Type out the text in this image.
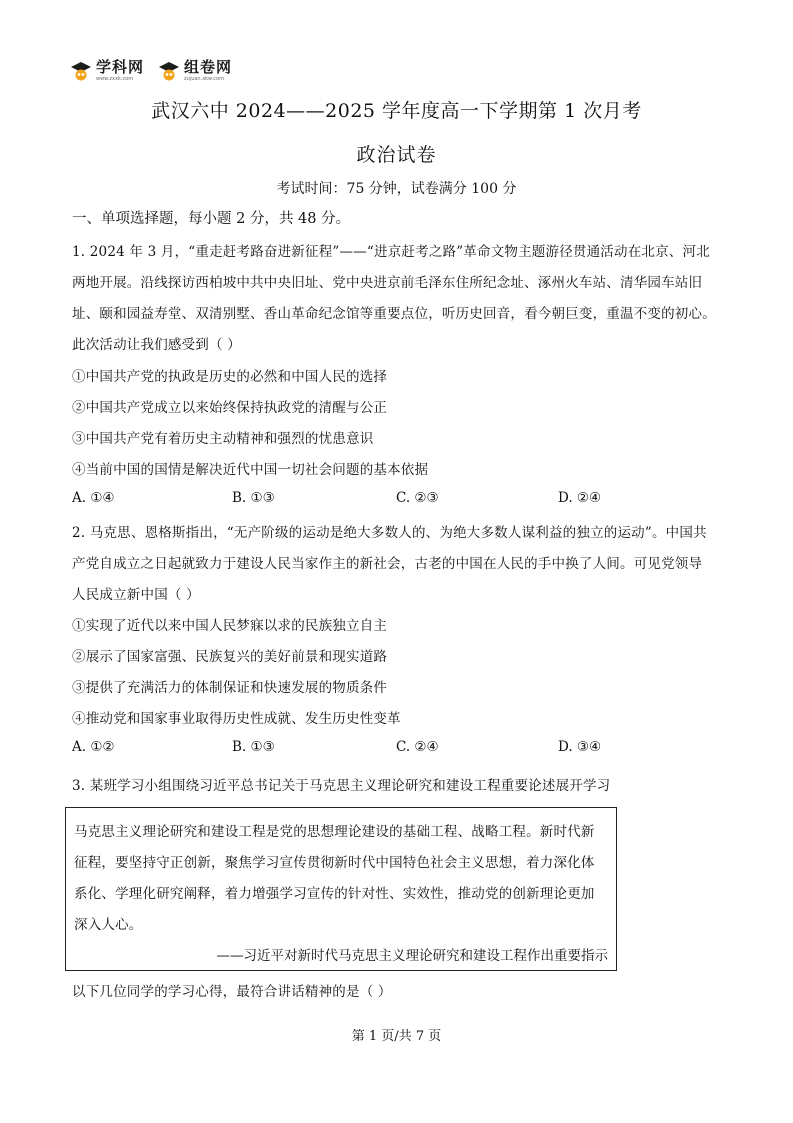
学科网
www.zxxk.com
组卷网
zujuan.xkw.com
武汉六中 2024——2025 学年度高一下学期第 1 次月考
政治试卷
考试时间：75 分钟，试卷满分 100 分
一、单项选择题，每小题 2 分，共 48 分。
1. 2024 年 3 月，“重走赶考路奋进新征程”——“进京赶考之路”革命文物主题游径贯通活动在北京、河北
两地开展。沿线探访西柏坡中共中央旧址、党中央进京前毛泽东住所纪念址、涿州火车站、清华园车站旧
址、颐和园益寿堂、双清别墅、香山革命纪念馆等重要点位，听历史回音，看今朝巨变，重温不变的初心。
此次活动让我们感受到（ ）
①中国共产党的执政是历史的必然和中国人民的选择
②中国共产党成立以来始终保持执政党的清醒与公正
③中国共产党有着历史主动精神和强烈的忧患意识
④当前中国的国情是解决近代中国一切社会问题的基本依据
A. ①④	B. ①③	C. ②③	D. ②④
2. 马克思、恩格斯指出，“无产阶级的运动是绝大多数人的、为绝大多数人谋利益的独立的运动”。中国共
产党自成立之日起就致力于建设人民当家作主的新社会，古老的中国在人民的手中换了人间。可见党领导
人民成立新中国（ ）
①实现了近代以来中国人民梦寐以求的民族独立自主
②展示了国家富强、民族复兴的美好前景和现实道路
③提供了充满活力的体制保证和快速发展的物质条件
④推动党和国家事业取得历史性成就、发生历史性变革
A. ①②	B. ①③	C. ②④	D. ③④
3. 某班学习小组围绕习近平总书记关于马克思主义理论研究和建设工程重要论述展开学习
马克思主义理论研究和建设工程是党的思想理论建设的基础工程、战略工程。新时代新
征程，要坚持守正创新，聚焦学习宣传贯彻新时代中国特色社会主义思想，着力深化体
系化、学理化研究阐释，着力增强学习宣传的针对性、实效性，推动党的创新理论更加
深入人心。
——习近平对新时代马克思主义理论研究和建设工程作出重要指示
以下几位同学的学习心得，最符合讲话精神的是（ ）
第 1 页/共 7 页
